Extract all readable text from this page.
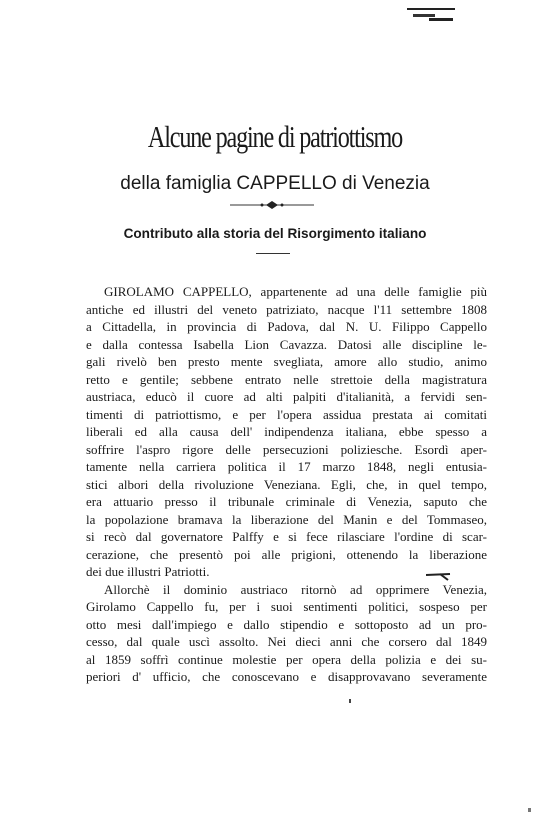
Alcune pagine di patriottismo
della famiglia CAPPELLO di Venezia
Contributo alla storia del Risorgimento italiano
GIROLAMO CAPPELLO, appartenente ad una delle famiglie più
antiche ed illustri del veneto patriziato, nacque l'11 settembre 1808
a Cittadella, in provincia di Padova, dal N. U. Filippo Cappello
e dalla contessa Isabella Lion Cavazza. Datosi alle discipline le-
gali rivelò ben presto mente svegliata, amore allo studio, animo
retto e gentile; sebbene entrato nelle strettoie della magistratura
austriaca, educò il cuore ad alti palpiti d'italianità, a fervidi sen-
timenti di patriottismo, e per l'opera assidua prestata ai comitati
liberali ed alla causa dell' indipendenza italiana, ebbe spesso a
soffrire l'aspro rigore delle persecuzioni poliziesche. Esordì aper-
tamente nella carriera politica il 17 marzo 1848, negli entusia-
stici albori della rivoluzione Veneziana. Egli, che, in quel tempo,
era attuario presso il tribunale criminale di Venezia, saputo che
la popolazione bramava la liberazione del Manin e del Tommaseo,
si recò dal governatore Palffy e si fece rilasciare l'ordine di scar-
cerazione, che presentò poi alle prigioni, ottenendo la liberazione
dei due illustri Patriotti.
Allorchè il dominio austriaco ritornò ad opprimere Venezia,
Girolamo Cappello fu, per i suoi sentimenti politici, sospeso per
otto mesi dall'impiego e dallo stipendio e sottoposto ad un pro-
cesso, dal quale uscì assolto. Nei dieci anni che corsero dal 1849
al 1859 soffrì continue molestie per opera della polizia e dei su-
periori d' ufficio, che conoscevano e disapprovavano severamente
